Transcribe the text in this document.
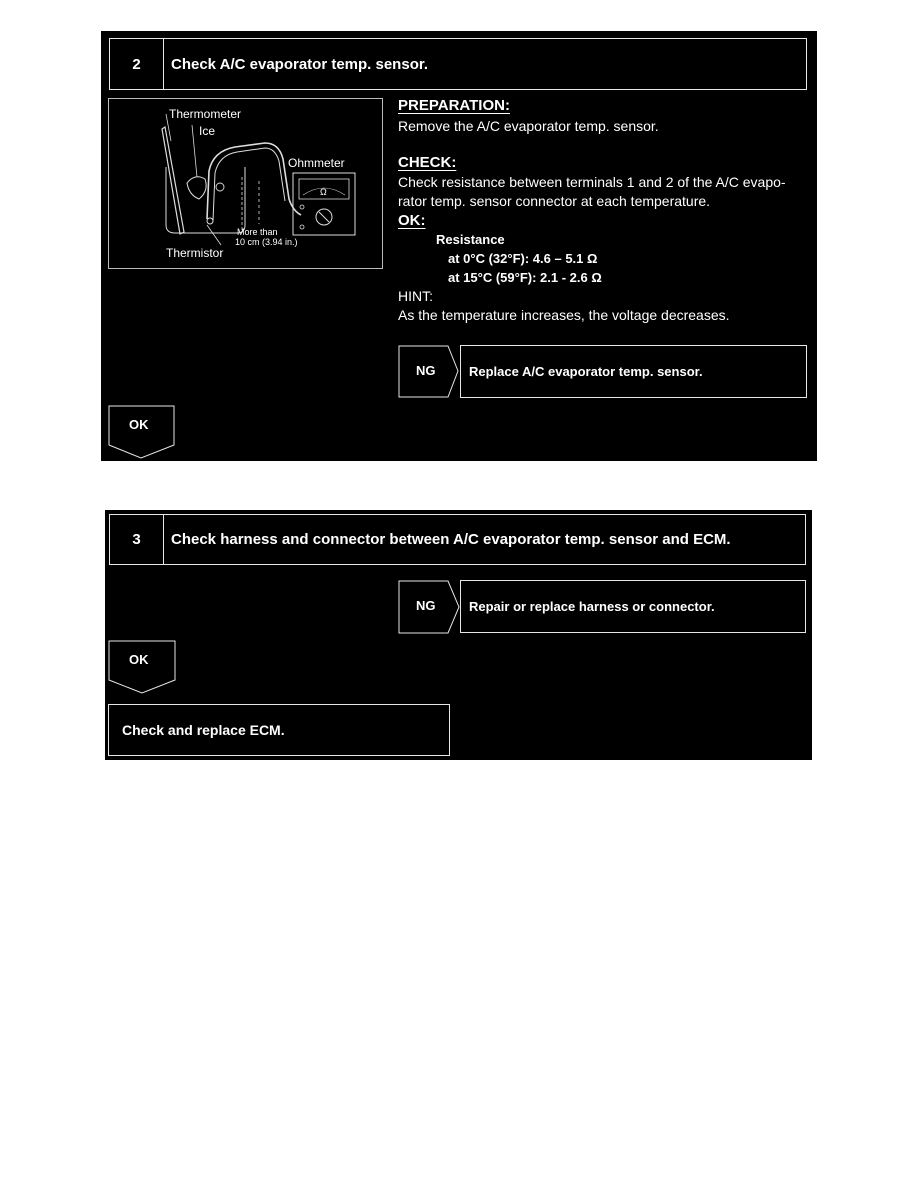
2 Check A/C evaporator temp. sensor.
Thermometer
Ice
Ohmmeter
Ω
More than
10 cm (3.94 in.)
Thermistor
PREPARATION:
Remove the A/C evaporator temp. sensor.
CHECK:
Check resistance between terminals 1 and 2 of the A/C evapo-
rator temp. sensor connector at each temperature.
OK:
Resistance
at 0°C (32°F): 4.6 – 5.1 Ω
at 15°C (59°F): 2.1 - 2.6 Ω
HINT:
As the temperature increases, the voltage decreases.
NG	Replace A/C evaporator temp. sensor.
OK
3 Check harness and connector between A/C evaporator temp. sensor and ECM.
NG	Repair or replace harness or connector.
OK
Check and replace ECM.
